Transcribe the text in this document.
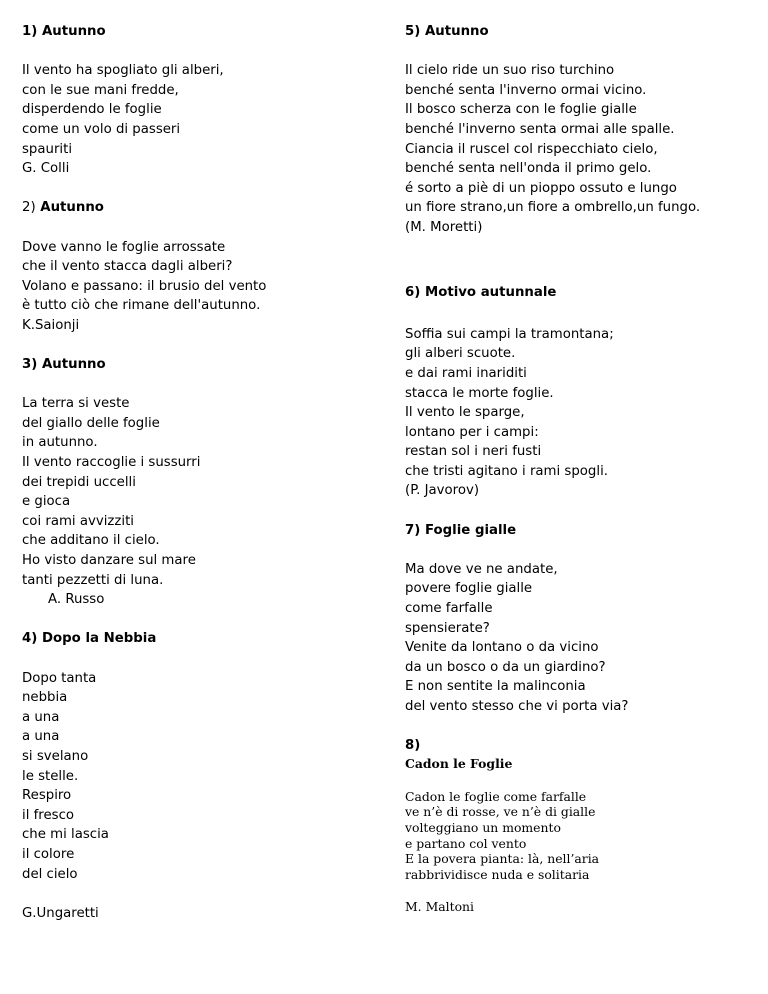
1) Autunno
Il vento ha spogliato gli alberi,
con le sue mani fredde,
disperdendo le foglie
come un volo di passeri
spauriti
G. Colli
2) Autunno
Dove vanno le foglie arrossate
che il vento stacca dagli alberi?
Volano e passano: il brusio del vento
è tutto ciò che rimane dell'autunno.
K.Saionji
3) Autunno
La terra si veste
del giallo delle foglie
in autunno.
Il vento raccoglie i sussurri
dei trepidi uccelli
e gioca
coi rami avvizziti
che additano il cielo.
Ho visto danzare sul mare
tanti pezzetti di luna.
A. Russo
4) Dopo la Nebbia
Dopo tanta
nebbia
a una
a una
si svelano
le stelle.
Respiro
il fresco
che mi lascia
il colore
del cielo
G.Ungaretti
5) Autunno
Il cielo ride un suo riso turchino
benché senta l'inverno ormai vicino.
Il bosco scherza con le foglie gialle
benché l'inverno senta ormai alle spalle.
Ciancia il ruscel col rispecchiato cielo,
benché senta nell'onda il primo gelo.
é sorto a piè di un pioppo ossuto e lungo
un fiore strano,un fiore a ombrello,un fungo.
(M. Moretti)
6) Motivo autunnale
Soffia sui campi la tramontana;
gli alberi scuote.
e dai rami inariditi
stacca le morte foglie.
Il vento le sparge,
lontano per i campi:
restan sol i neri fusti
che tristi agitano i rami spogli.
(P. Javorov)
7) Foglie gialle
Ma dove ve ne andate,
povere foglie gialle
come farfalle
spensierate?
Venite da lontano o da vicino
da un bosco o da un giardino?
E non sentite la malinconia
del vento stesso che vi porta via?
8)
Cadon le Foglie
Cadon le foglie come farfalle
ve n’è di rosse, ve n’è di gialle
volteggiano un momento
e partano col vento
E la povera pianta: là, nell’aria
rabbrividisce nuda e solitaria
M. Maltoni
